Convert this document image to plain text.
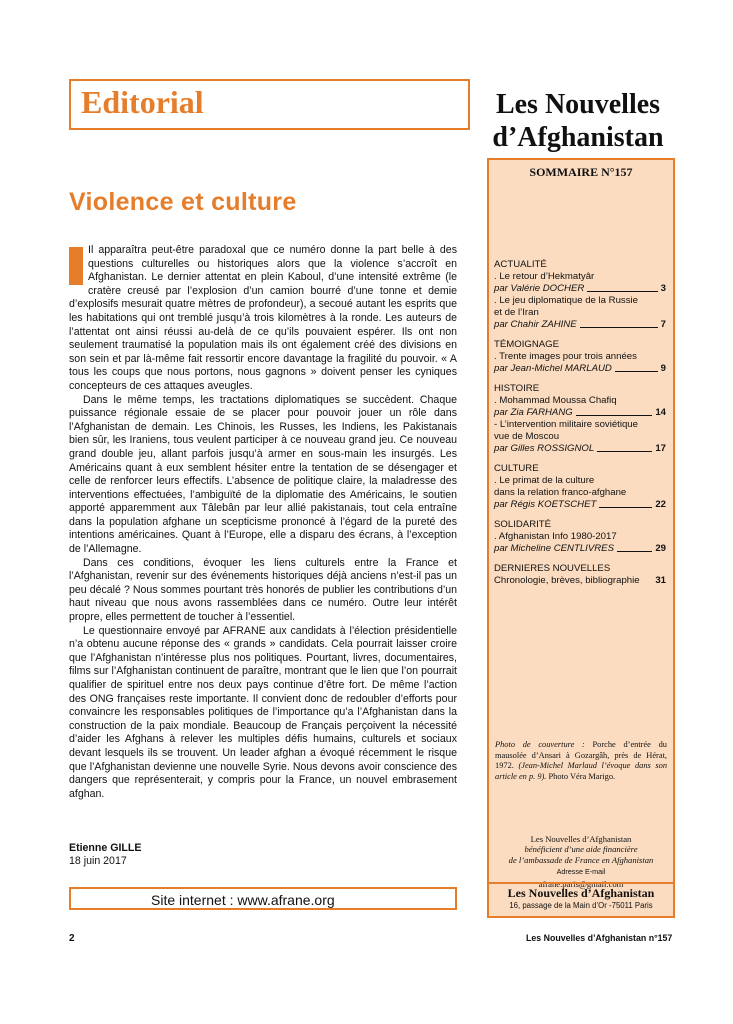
Editorial	Les Nouvelles
d’Afghanistan
Violence et culture

Il apparaîtra peut-être paradoxal que ce numéro donne la part belle à des questions culturelles ou historiques alors que la violence s’accroît en Afghanistan. Le dernier attentat en plein Kaboul, d’une intensité extrême (le cratère creusé par l’explosion d’un camion bourré d’une tonne et demie d’explosifs mesurait quatre mètres de profondeur), a secoué autant les esprits que les habitations qui ont tremblé jusqu’à trois kilomètres à la ronde. Les auteurs de l’attentat ont ainsi réussi au-delà de ce qu’ils pouvaient espérer. Ils ont non seulement traumatisé la population mais ils ont également créé des divisions en son sein et par là-même fait ressortir encore davantage la fragilité du pouvoir. « A tous les coups que nous portons, nous gagnons » doivent penser les cyniques concepteurs de ces attaques aveugles.

Dans le même temps, les tractations diplomatiques se succèdent. Chaque puissance régionale essaie de se placer pour pouvoir jouer un rôle dans l’Afghanistan de demain. Les Chinois, les Russes, les Indiens, les Pakistanais bien sûr, les Iraniens, tous veulent participer à ce nouveau grand jeu. Ce nouveau grand double jeu, allant parfois jusqu’à armer en sous-main les insurgés. Les Américains quant à eux semblent hésiter entre la tentation de se désengager et celle de renforcer leurs effectifs. L’absence de politique claire, la maladresse des interventions effectuées, l’ambiguïté de la diplomatie des Américains, le soutien apporté apparemment aux Tâlebân par leur allié pakistanais, tout cela entraîne dans la population afghane un scepticisme prononcé à l’égard de la pureté des intentions américaines. Quant à l’Europe, elle a disparu des écrans, à l’exception de l’Allemagne.

Dans ces conditions, évoquer les liens culturels entre la France et l’Afghanistan, revenir sur des événements historiques déjà anciens n’est-il pas un peu décalé ? Nous sommes pourtant très honorés de publier les contributions d’un haut niveau que nous avons rassemblées dans ce numéro. Outre leur intérêt propre, elles permettent de toucher à l’essentiel.

Le questionnaire envoyé par AFRANE aux candidats à l’élection présidentielle n’a obtenu aucune réponse des « grands » candidats. Cela pourrait laisser croire que l’Afghanistan n’intéresse plus nos politiques. Pourtant, livres, documentaires, films sur l’Afghanistan continuent de paraître, montrant que le lien que l’on pourrait qualifier de spirituel entre nos deux pays continue d’être fort. De même l’action des ONG françaises reste importante. Il convient donc de redoubler d’efforts pour convaincre les responsables politiques de l’importance qu’a l’Afghanistan dans la construction de la paix mondiale. Beaucoup de Français perçoivent la nécessité d’aider les Afghans à relever les multiples défis humains, culturels et sociaux devant lesquels ils se trouvent. Un leader afghan a évoqué récemment le risque que l’Afghanistan devienne une nouvelle Syrie. Nous devons avoir conscience des dangers que représenterait, y compris pour la France, un nouvel embrasement afghan.

Etienne GILLE
18 juin 2017
Site internet : www.afrane.org
SOMMAIRE N°157
ACTUALITÉ
. Le retour d’Hekmatyâr
par Valérie DOCHER	3
. Le jeu diplomatique de la Russie
et de l’Iran
par Chahir ZAHINE	7
TÉMOIGNAGE
. Trente images pour trois années
par Jean-Michel MARLAUD	9
HISTOIRE
. Mohammad Moussa Chafiq
par Zia FARHANG	14
- L’intervention militaire soviétique
vue de Moscou
par Gilles ROSSIGNOL	17
CULTURE
. Le primat de la culture
dans la relation franco-afghane
par Régis KOETSCHET	22
SOLIDARITÉ
. Afghanistan Info 1980-2017
par Micheline CENTLIVRES	29
DERNIERES NOUVELLES
Chronologie, brèves, bibliographie 31
Photo de couverture : Porche d’entrée du mausolée d’Ansari à Gozargâh, près de Hérat, 1972. (Jean-Michel Marlaud l’évoque dans son article en p. 9). Photo Véra Marigo.
Les Nouvelles d’Afghanistan
bénéficient d’une aide financière
de l’ambassade de France en Afghanistan
Adresse E-mail
afrane.paris@gmail.com
Les Nouvelles d’Afghanistan
16, passage de la Main d’Or -75011 Paris
2	Les Nouvelles d’Afghanistan n°157
